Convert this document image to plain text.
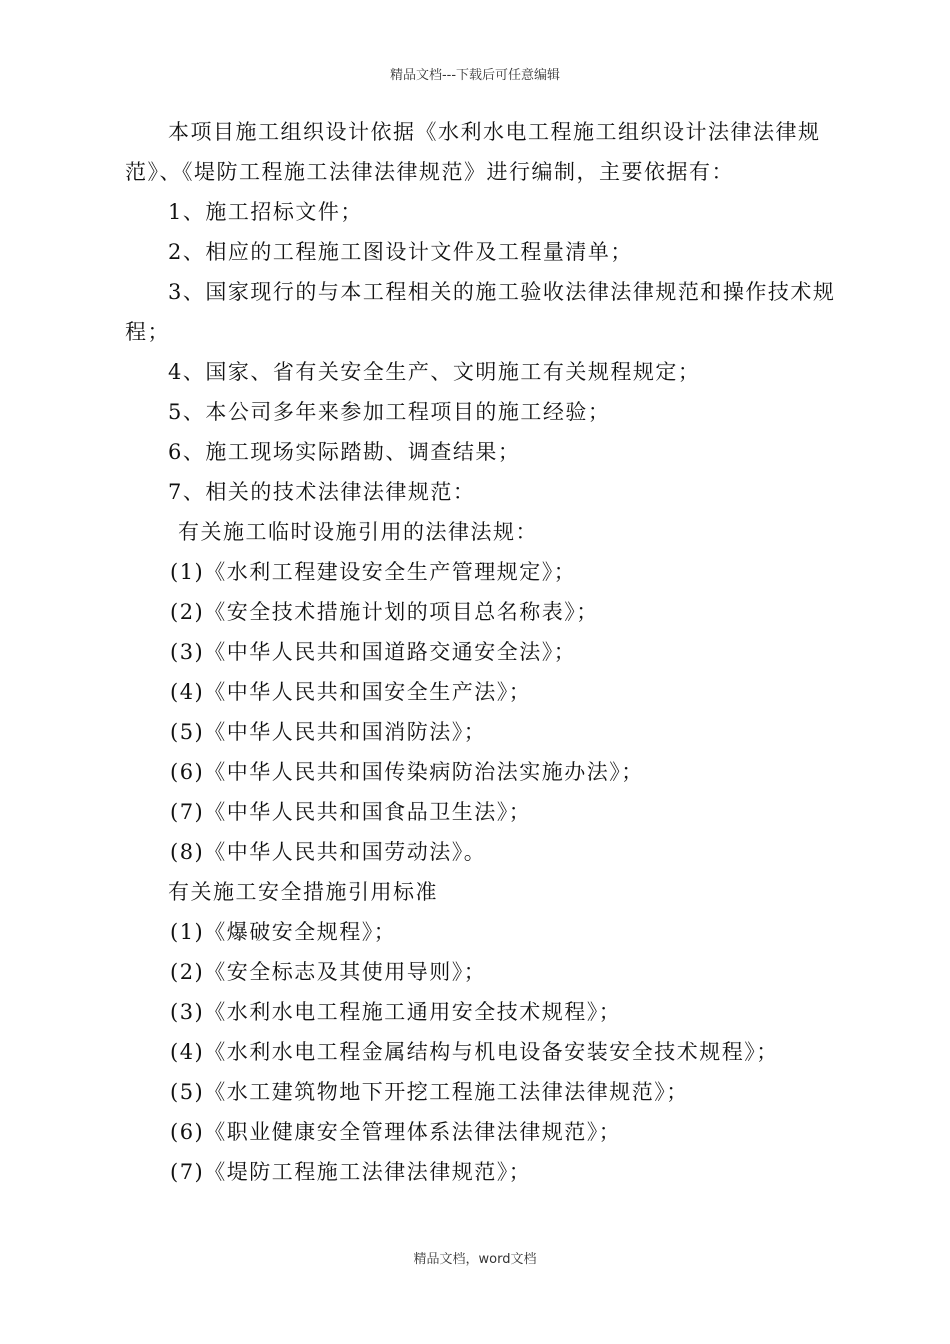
精品文档---下载后可任意编辑
本项目施工组织设计依据《水利水电工程施工组织设计法律法律规
范》、《堤防工程施工法律法律规范》进行编制，主要依据有：
1、施工招标文件；
2、相应的工程施工图设计文件及工程量清单；
3、国家现行的与本工程相关的施工验收法律法律规范和操作技术规
程；
4、国家、省有关安全生产、文明施工有关规程规定；
5、本公司多年来参加工程项目的施工经验；
6、施工现场实际踏勘、调查结果；
7、相关的技术法律法律规范：
有关施工临时设施引用的法律法规：
(1)《水利工程建设安全生产管理规定》；
(2)《安全技术措施计划的项目总名称表》；
(3)《中华人民共和国道路交通安全法》；
(4)《中华人民共和国安全生产法》；
(5)《中华人民共和国消防法》；
(6)《中华人民共和国传染病防治法实施办法》；
(7)《中华人民共和国食品卫生法》；
(8)《中华人民共和国劳动法》。
有关施工安全措施引用标准
(1)《爆破安全规程》；
(2)《安全标志及其使用导则》；
(3)《水利水电工程施工通用安全技术规程》；
(4)《水利水电工程金属结构与机电设备安装安全技术规程》；
(5)《水工建筑物地下开挖工程施工法律法律规范》；
(6)《职业健康安全管理体系法律法律规范》；
(7)《堤防工程施工法律法律规范》；
精品文档，word文档
